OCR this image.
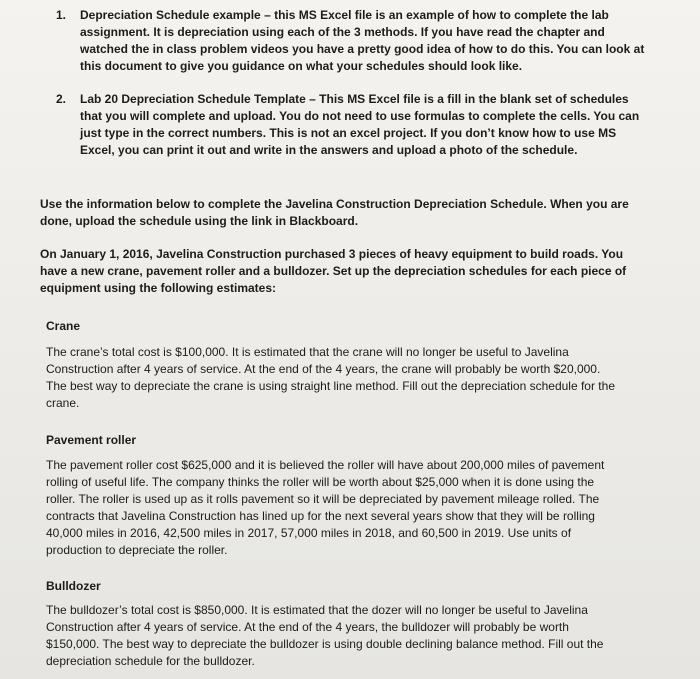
1. Depreciation Schedule example – this MS Excel file is an example of how to complete the lab assignment. It is depreciation using each of the 3 methods. If you have read the chapter and watched the in class problem videos you have a pretty good idea of how to do this. You can look at this document to give you guidance on what your schedules should look like.
2. Lab 20 Depreciation Schedule Template – This MS Excel file is a fill in the blank set of schedules that you will complete and upload. You do not need to use formulas to complete the cells. You can just type in the correct numbers. This is not an excel project. If you don’t know how to use MS Excel, you can print it out and write in the answers and upload a photo of the schedule.
Use the information below to complete the Javelina Construction Depreciation Schedule. When you are done, upload the schedule using the link in Blackboard.
On January 1, 2016, Javelina Construction purchased 3 pieces of heavy equipment to build roads. You have a new crane, pavement roller and a bulldozer. Set up the depreciation schedules for each piece of equipment using the following estimates:
Crane
The crane’s total cost is $100,000. It is estimated that the crane will no longer be useful to Javelina Construction after 4 years of service. At the end of the 4 years, the crane will probably be worth $20,000. The best way to depreciate the crane is using straight line method. Fill out the depreciation schedule for the crane.
Pavement roller
The pavement roller cost $625,000 and it is believed the roller will have about 200,000 miles of pavement rolling of useful life. The company thinks the roller will be worth about $25,000 when it is done using the roller. The roller is used up as it rolls pavement so it will be depreciated by pavement mileage rolled. The contracts that Javelina Construction has lined up for the next several years show that they will be rolling 40,000 miles in 2016, 42,500 miles in 2017, 57,000 miles in 2018, and 60,500 in 2019. Use units of production to depreciate the roller.
Bulldozer
The bulldozer’s total cost is $850,000. It is estimated that the dozer will no longer be useful to Javelina Construction after 4 years of service. At the end of the 4 years, the bulldozer will probably be worth $150,000. The best way to depreciate the bulldozer is using double declining balance method. Fill out the depreciation schedule for the bulldozer.
